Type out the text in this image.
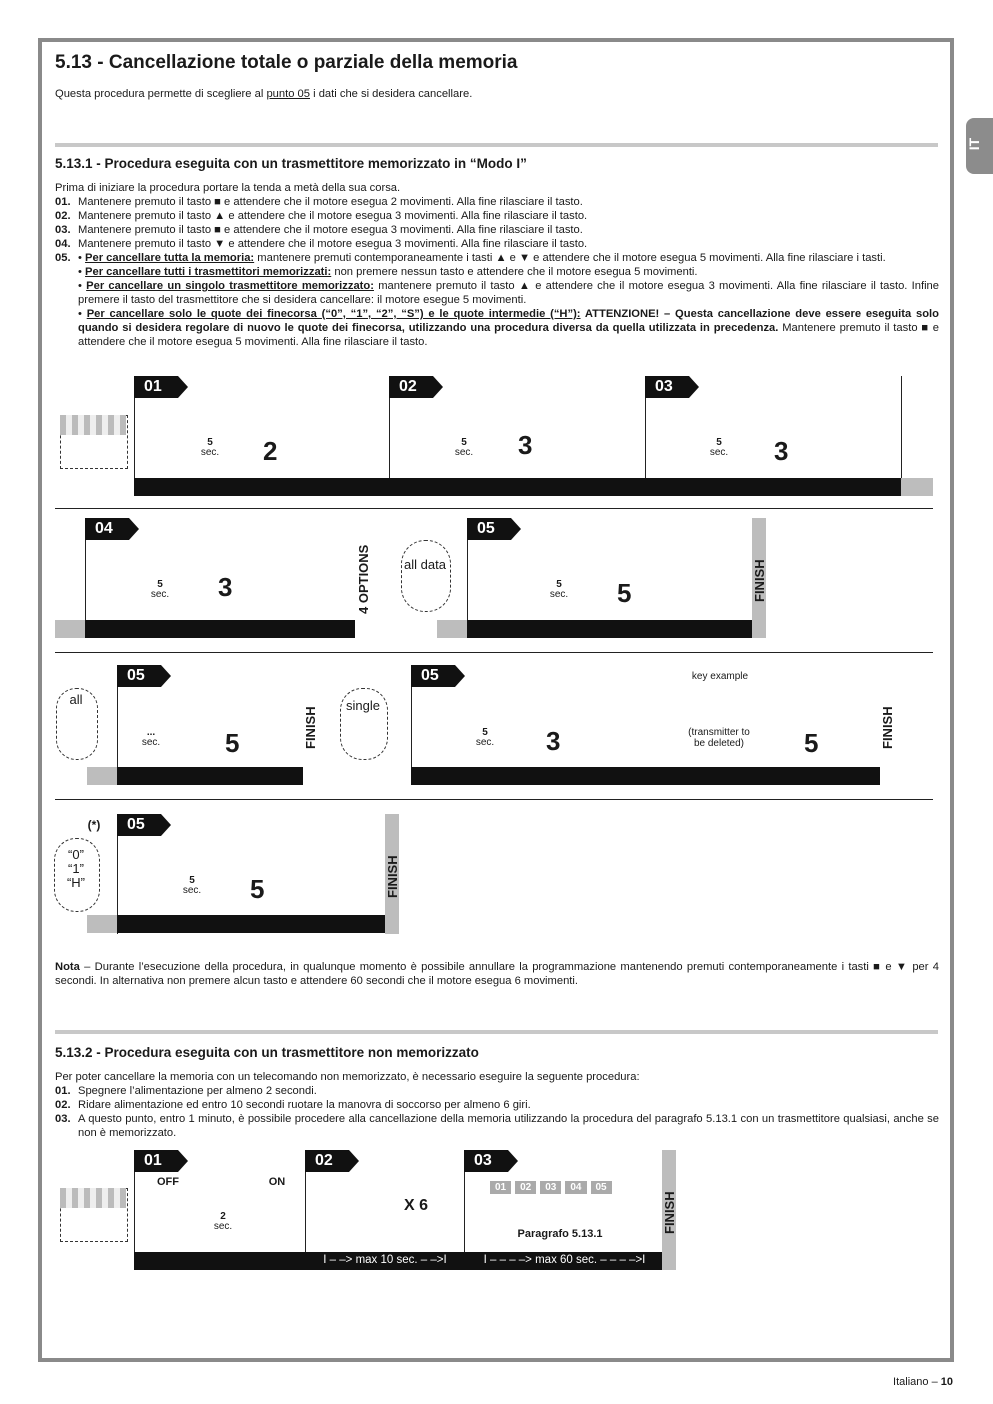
IT
5.13 - Cancellazione totale o parziale della memoria
Questa procedura permette di scegliere al punto 05 i dati che si desidera cancellare.
5.13.1 - Procedura eseguita con un trasmettitore memorizzato in “Modo I”
Prima di iniziare la procedura portare la tenda a metà della sua corsa.
01. Mantenere premuto il tasto ■ e attendere che il motore esegua 2 movimenti. Alla fine rilasciare il tasto.
02. Mantenere premuto il tasto ▲ e attendere che il motore esegua 3 movimenti. Alla fine rilasciare il tasto.
03. Mantenere premuto il tasto ■ e attendere che il motore esegua 3 movimenti. Alla fine rilasciare il tasto.
04. Mantenere premuto il tasto ▼ e attendere che il motore esegua 3 movimenti. Alla fine rilasciare il tasto.
05. • Per cancellare tutta la memoria: mantenere premuti contemporaneamente i tasti ▲ e ▼ e attendere che il motore esegua 5 movimenti. Alla fine rilasciare i tasti.
• Per cancellare tutti i trasmettitori memorizzati: non premere nessun tasto e attendere che il motore esegua 5 movimenti.
• Per cancellare un singolo trasmettitore memorizzato: mantenere premuto il tasto ▲ e attendere che il motore esegua 3 movimenti. Alla fine rilasciare il tasto. Infine premere il tasto del trasmettitore che si desidera cancellare: il motore esegue 5 movimenti.
• Per cancellare solo le quote dei finecorsa (“0”, “1”, “2”, “S”) e le quote intermedie (“H”): ATTENZIONE! – Questa cancellazione deve essere eseguita solo quando si desidera regolare di nuovo le quote dei finecorsa, utilizzando una procedura diversa da quella utilizzata in precedenza. Mantenere premuto il tasto ■ e attendere che il motore esegua 5 movimenti. Alla fine rilasciare il tasto.
01	02	03
2	3	3
5
sec.
5
sec.
5
sec.
04
3
5
sec.	4 OPTIONS	all data
05
5
5
sec.	FINISH
all
05
...
sec. 5	FINISH
single
05
5
sec. 3
key example
(transmitter to be deleted)	5	FINISH
(*)
“0”
“1”
“H”
05
5
sec. 5	FINISH
Nota – Durante l’esecuzione della procedura, in qualunque momento è possibile annullare la programmazione mantenendo premuti contemporaneamente i tasti ■ e ▼ per 4 secondi. In alternativa non premere alcun tasto e attendere 60 secondi che il motore esegua 6 movimenti.
5.13.2 - Procedura eseguita con un trasmettitore non memorizzato
Per poter cancellare la memoria con un telecomando non memorizzato, è necessario eseguire la seguente procedura:
01. Spegnere l’alimentazione per almeno 2 secondi.
02. Ridare alimentazione ed entro 10 secondi ruotare la manovra di soccorso per almeno 6 giri.
03. A questo punto, entro 1 minuto, è possibile procedere alla cancellazione della memoria utilizzando la procedura del paragrafo 5.13.1 con un trasmettitore qualsiasi, anche se non è memorizzato.
01
OFF
2
sec.
ON
02
X 6
03
01	02	03	04	05
Paragrafo 5.13.1	FINISH
I – –> max 10 sec. – –>I	I – – – –> max 60 sec. – – – –>I
Italiano – 10
